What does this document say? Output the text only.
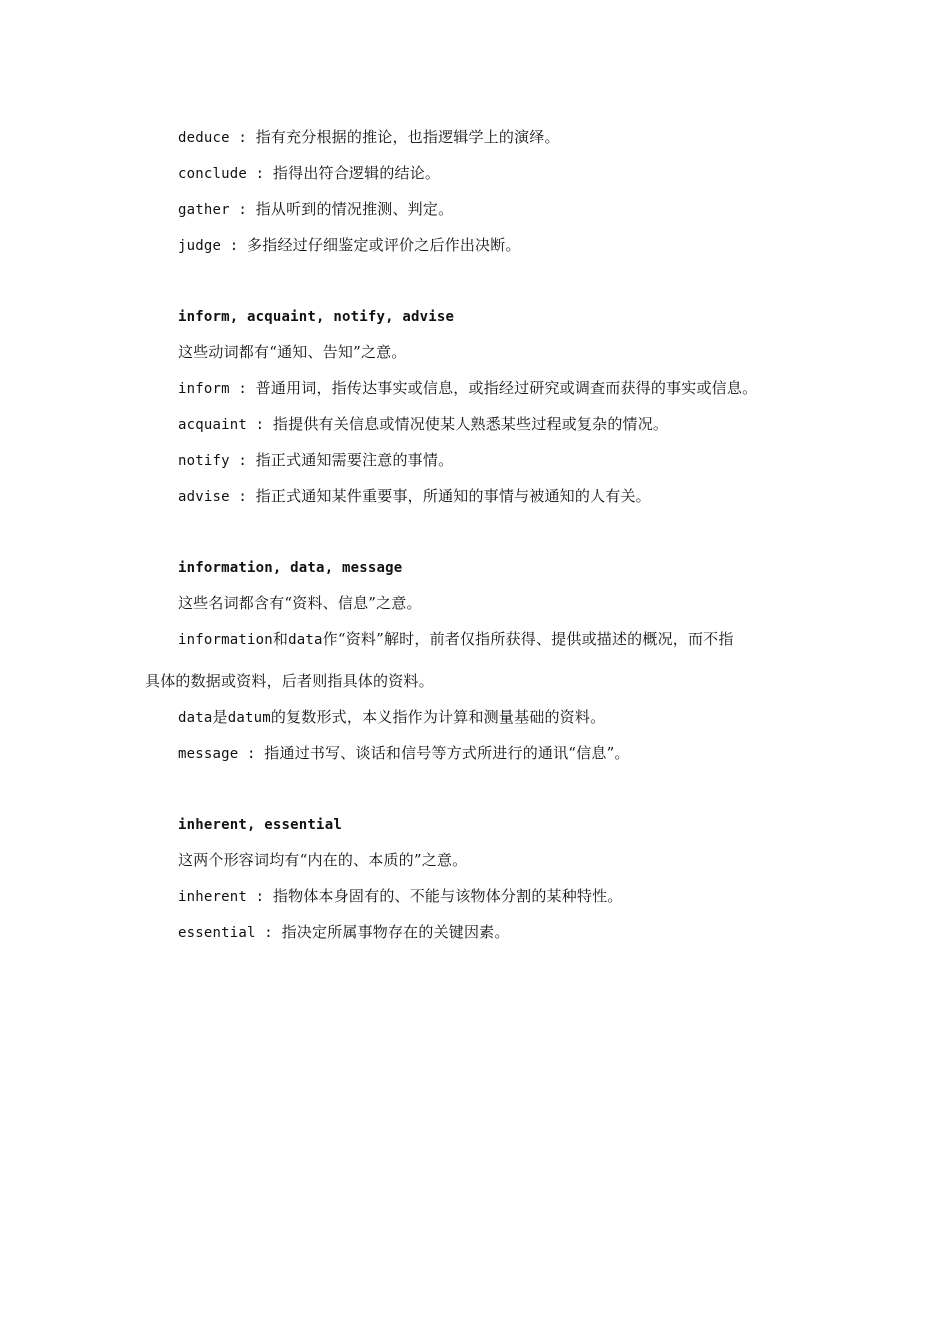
deduce : 指有充分根据的推论，也指逻辑学上的演绎。
conclude : 指得出符合逻辑的结论。
gather : 指从听到的情况推测、判定。
judge : 多指经过仔细鉴定或评价之后作出决断。
inform, acquaint, notify, advise
这些动词都有“通知、告知”之意。
inform : 普通用词，指传达事实或信息，或指经过研究或调查而获得的事实或信息。
acquaint : 指提供有关信息或情况使某人熟悉某些过程或复杂的情况。
notify : 指正式通知需要注意的事情。
advise : 指正式通知某件重要事，所通知的事情与被通知的人有关。
information, data, message
这些名词都含有“资料、信息”之意。
information和data作“资料”解时，前者仅指所获得、提供或描述的概况，而不指
具体的数据或资料，后者则指具体的资料。
data是datum的复数形式，本义指作为计算和测量基础的资料。
message : 指通过书写、谈话和信号等方式所进行的通讯“信息”。
inherent, essential
这两个形容词均有“内在的、本质的”之意。
inherent : 指物体本身固有的、不能与该物体分割的某种特性。
essential : 指决定所属事物存在的关键因素。
